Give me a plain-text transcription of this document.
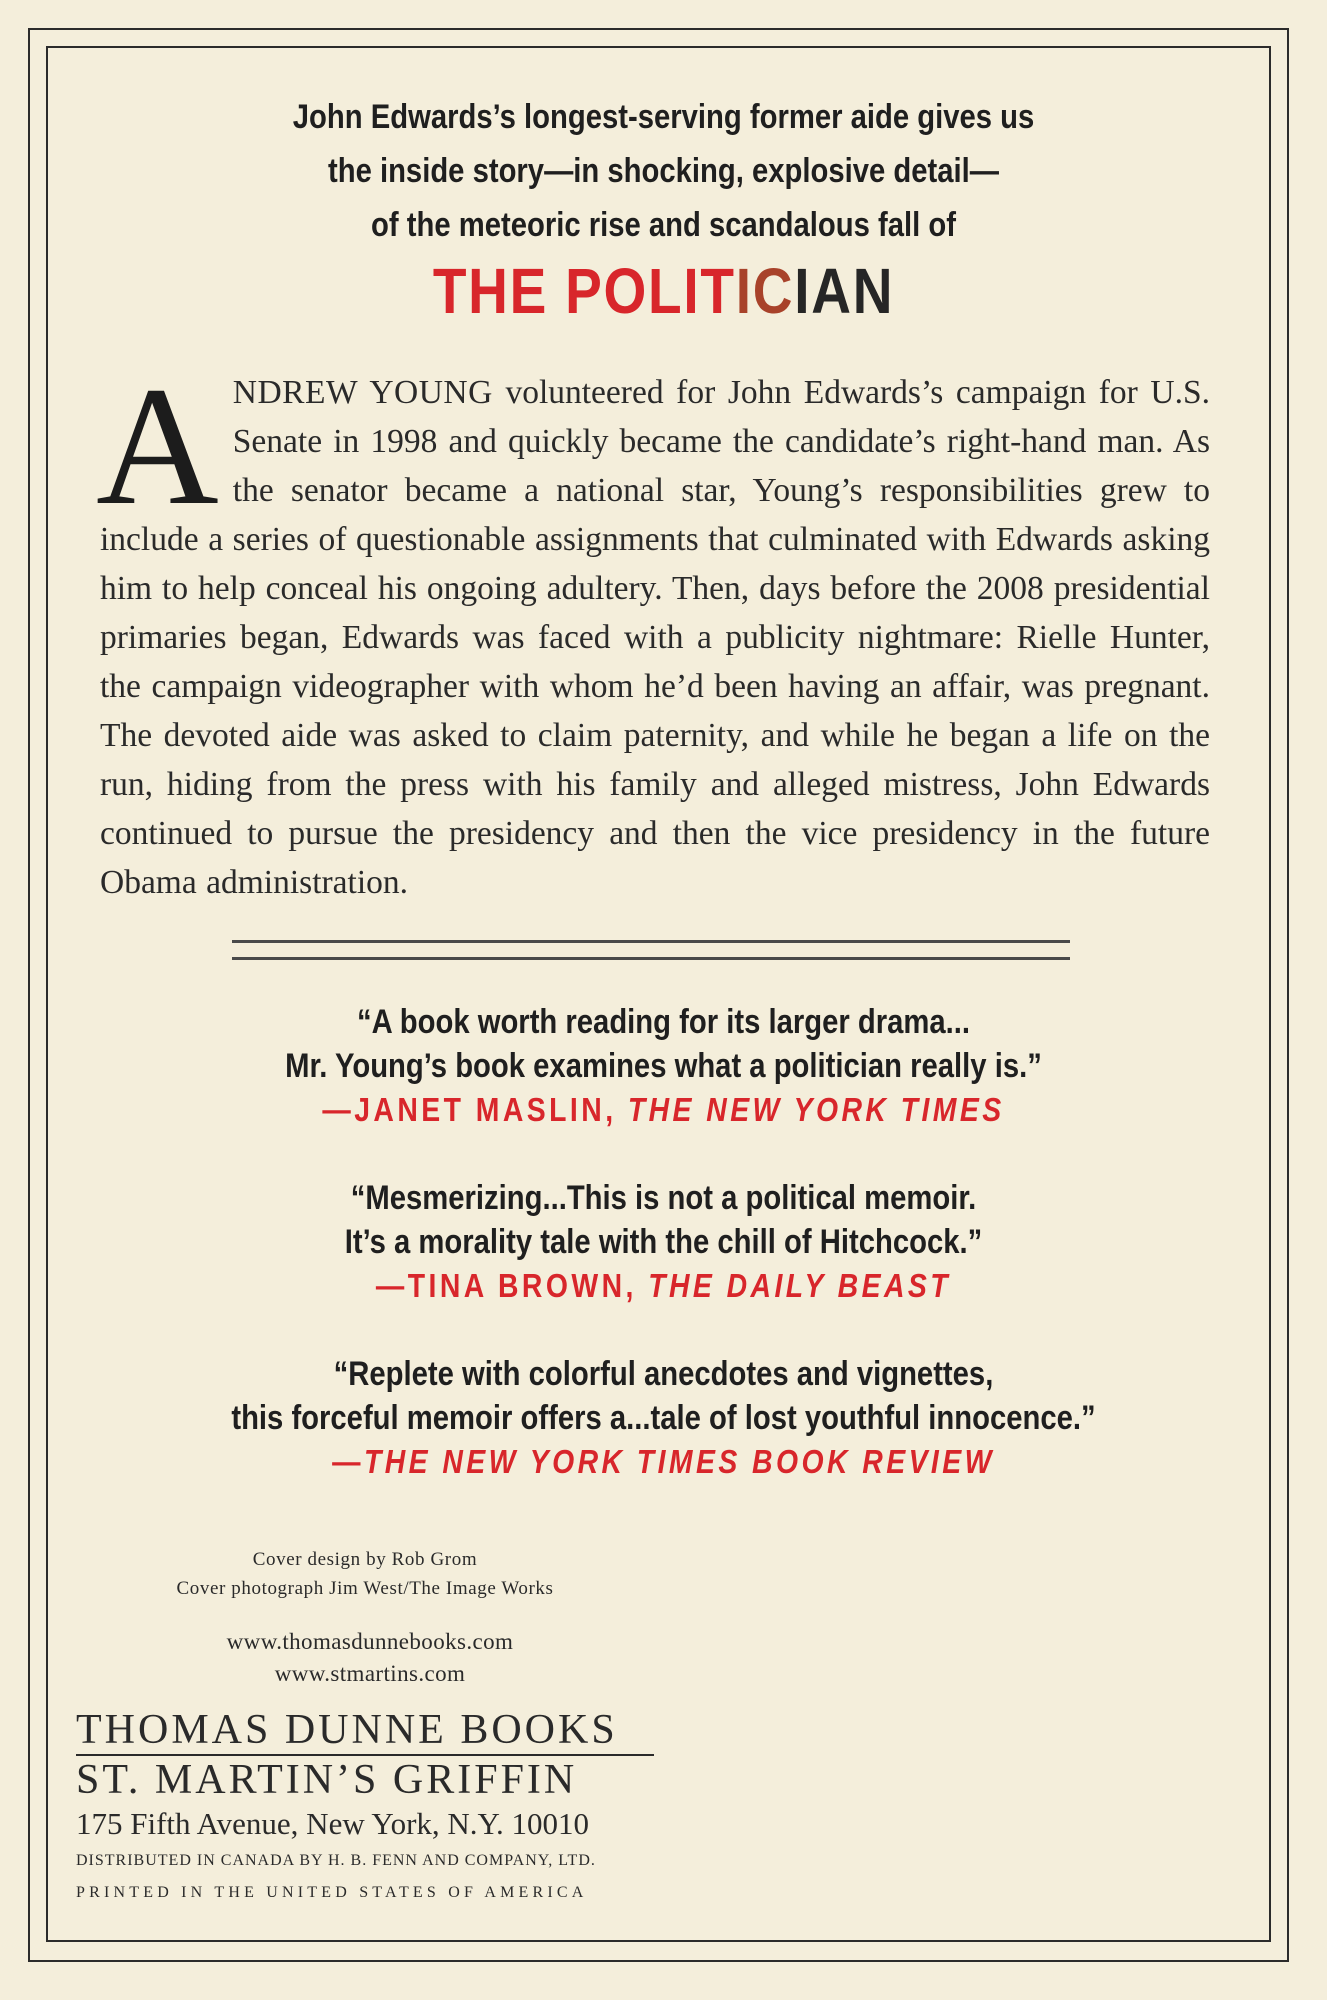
John Edwards’s longest-serving former aide gives us
the inside story—in shocking, explosive detail—
of the meteoric rise and scandalous fall of
THE POLITICIAN
ANDREW YOUNG volunteered for John Edwards’s campaign for U.S. Senate in 1998 and quickly became the candidate’s right-hand man. As the senator became a national star, Young’s responsibilities grew to include a series of questionable assignments that culminated with Edwards asking him to help conceal his ongoing adultery. Then, days before the 2008 presidential primaries began, Edwards was faced with a publicity nightmare: Rielle Hunter, the campaign videographer with whom he’d been having an affair, was pregnant. The devoted aide was asked to claim paternity, and while he began a life on the run, hiding from the press with his family and alleged mistress, John Edwards continued to pursue the presidency and then the vice presidency in the future Obama administration.
“A book worth reading for its larger drama...
Mr. Young’s book examines what a politician really is.”
—JANET MASLIN, THE NEW YORK TIMES
“Mesmerizing...This is not a political memoir.
It’s a morality tale with the chill of Hitchcock.”
—TINA BROWN, THE DAILY BEAST
“Replete with colorful anecdotes and vignettes,
this forceful memoir offers a...tale of lost youthful innocence.”
—THE NEW YORK TIMES BOOK REVIEW
Cover design by Rob Grom
Cover photograph Jim West/The Image Works
www.thomasdunnebooks.com
www.stmartins.com
THOMAS DUNNE BOOKS
ST. MARTIN’S GRIFFIN
175 Fifth Avenue, New York, N.Y. 10010
DISTRIBUTED IN CANADA BY H. B. FENN AND COMPANY, LTD.
PRINTED IN THE UNITED STATES OF AMERICA
